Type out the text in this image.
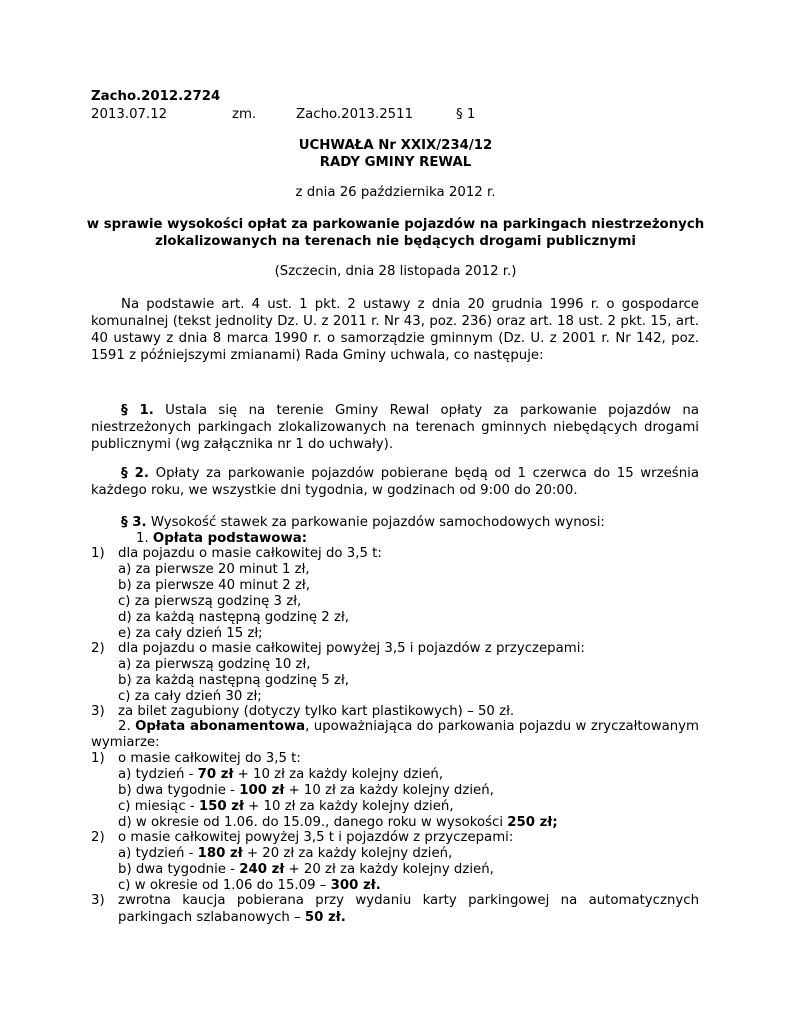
Zacho.2012.2724
2013.07.12	zm.	Zacho.2013.2511	§ 1
UCHWAŁA Nr XXIX/234/12
RADY GMINY REWAL
z dnia 26 października 2012 r.
w sprawie wysokości opłat za parkowanie pojazdów na parkingach niestrzeżonych
zlokalizowanych na terenach nie będących drogami publicznymi
(Szczecin, dnia 28 listopada 2012 r.)
Na podstawie art. 4 ust. 1 pkt. 2 ustawy z dnia 20 grudnia 1996 r. o gospodarce
komunalnej (tekst jednolity Dz. U. z 2011 r. Nr 43, poz. 236) oraz art. 18 ust. 2 pkt. 15, art.
40 ustawy z dnia 8 marca 1990 r. o samorządzie gminnym (Dz. U. z 2001 r. Nr 142, poz.
1591 z późniejszymi zmianami) Rada Gminy uchwala, co następuje:
§ 1. Ustala się na terenie Gminy Rewal opłaty za parkowanie pojazdów na
niestrzeżonych parkingach zlokalizowanych na terenach gminnych niebędących drogami
publicznymi (wg załącznika nr 1 do uchwały).
§ 2. Opłaty za parkowanie pojazdów pobierane będą od 1 czerwca do 15 września
każdego roku, we wszystkie dni tygodnia, w godzinach od 9:00 do 20:00.
§ 3. Wysokość stawek za parkowanie pojazdów samochodowych wynosi:
1. Opłata podstawowa:
1) dla pojazdu o masie całkowitej do 3,5 t:
a) za pierwsze 20 minut 1 zł,
b) za pierwsze 40 minut 2 zł,
c) za pierwszą godzinę 3 zł,
d) za każdą następną godzinę 2 zł,
e) za cały dzień 15 zł;
2) dla pojazdu o masie całkowitej powyżej 3,5 i pojazdów z przyczepami:
a) za pierwszą godzinę 10 zł,
b) za każdą następną godzinę 5 zł,
c) za cały dzień 30 zł;
3) za bilet zagubiony (dotyczy tylko kart plastikowych) – 50 zł.
2. Opłata abonamentowa, upoważniająca do parkowania pojazdu w zryczałtowanym
wymiarze:
1) o masie całkowitej do 3,5 t:
a) tydzień - 70 zł + 10 zł za każdy kolejny dzień,
b) dwa tygodnie - 100 zł + 10 zł za każdy kolejny dzień,
c) miesiąc - 150 zł + 10 zł za każdy kolejny dzień,
d) w okresie od 1.06. do 15.09., danego roku w wysokości 250 zł;
2) o masie całkowitej powyżej 3,5 t i pojazdów z przyczepami:
a) tydzień - 180 zł + 20 zł za każdy kolejny dzień,
b) dwa tygodnie - 240 zł + 20 zł za każdy kolejny dzień,
c) w okresie od 1.06 do 15.09 – 300 zł.
3) zwrotna kaucja pobierana przy wydaniu karty parkingowej na automatycznych
parkingach szlabanowych – 50 zł.
